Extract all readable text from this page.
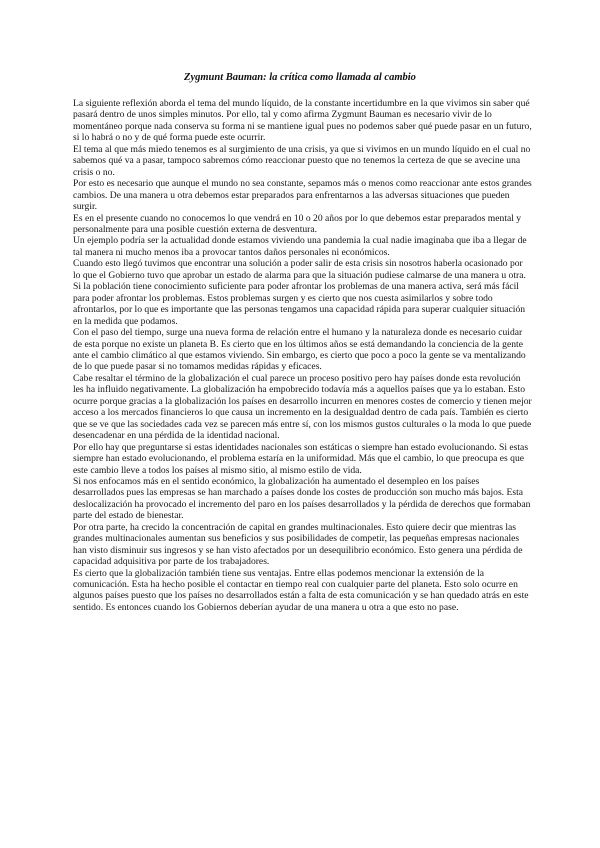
Zygmunt Bauman: la crítica como llamada al cambio

La siguiente reflexión aborda el tema del mundo líquido, de la constante incertidumbre en la que vivimos sin saber qué pasará dentro de unos simples minutos. Por ello, tal y como afirma Zygmunt Bauman es necesario vivir de lo momentáneo porque nada conserva su forma ni se mantiene igual pues no podemos saber qué puede pasar en un futuro, si lo habrá o no y de qué forma puede este ocurrir.

El tema al que más miedo tenemos es al surgimiento de una crisis, ya que si vivimos en un mundo líquido en el cual no sabemos qué va a pasar, tampoco sabremos cómo reaccionar puesto que no tenemos la certeza de que se avecine una crisis o no.

Por esto es necesario que aunque el mundo no sea constante, sepamos más o menos como reaccionar ante estos grandes cambios. De una manera u otra debemos estar preparados para enfrentarnos a las adversas situaciones que pueden surgir.

Es en el presente cuando no conocemos lo que vendrá en 10 o 20 años por lo que debemos estar preparados mental y personalmente para una posible cuestión externa de desventura.

Un ejemplo podría ser la actualidad donde estamos viviendo una pandemia la cual nadie imaginaba que iba a llegar de tal manera ni mucho menos iba a provocar tantos daños personales ni económicos.

Cuando esto llegó tuvimos que encontrar una solución a poder salir de esta crisis sin nosotros haberla ocasionado por lo que el Gobierno tuvo que aprobar un estado de alarma para que la situación pudiese calmarse de una manera u otra.

Si la población tiene conocimiento suficiente para poder afrontar los problemas de una manera activa, será más fácil para poder afrontar los problemas. Estos problemas surgen y es cierto que nos cuesta asimilarlos y sobre todo afrontarlos, por lo que es importante que las personas tengamos una capacidad rápida para superar cualquier situación en la medida que podamos.

Con el paso del tiempo, surge una nueva forma de relación entre el humano y la naturaleza donde es necesario cuidar de esta porque no existe un planeta B. Es cierto que en los últimos años se está demandando la conciencia de la gente ante el cambio climático al que estamos viviendo. Sin embargo, es cierto que poco a poco la gente se va mentalizando de lo que puede pasar si no tomamos medidas rápidas y eficaces.

Cabe resaltar el término de la globalización el cual parece un proceso positivo pero hay países donde esta revolución les ha influido negativamente. La globalización ha empobrecido todavía más a aquellos países que ya lo estaban. Esto ocurre porque gracias a la globalización los países en desarrollo incurren en menores costes de comercio y tienen mejor acceso a los mercados financieros lo que causa un incremento en la desigualdad dentro de cada país. También es cierto que se ve que las sociedades cada vez se parecen más entre sí, con los mismos gustos culturales o la moda lo que puede desencadenar en una pérdida de la identidad nacional.

Por ello hay que preguntarse si estas identidades nacionales son estáticas o siempre han estado evolucionando. Si estas siempre han estado evolucionando, el problema estaría en la uniformidad. Más que el cambio, lo que preocupa es que este cambio lleve a todos los países al mismo sitio, al mismo estilo de vida.

Si nos enfocamos más en el sentido económico, la globalización ha aumentado el desempleo en los países desarrollados pues las empresas se han marchado a países donde los costes de producción son mucho más bajos. Esta deslocalización ha provocado el incremento del paro en los países desarrollados y la pérdida de derechos que formaban parte del estado de bienestar.

Por otra parte, ha crecido la concentración de capital en grandes multinacionales. Esto quiere decir que mientras las grandes multinacionales aumentan sus beneficios y sus posibilidades de competir, las pequeñas empresas nacionales han visto disminuir sus ingresos y se han visto afectados por un desequilibrio económico. Esto genera una pérdida de capacidad adquisitiva por parte de los trabajadores.

Es cierto que la globalización también tiene sus ventajas. Entre ellas podemos mencionar la extensión de la comunicación. Esta ha hecho posible el contactar en tiempo real con cualquier parte del planeta. Esto solo ocurre en algunos países puesto que los países no desarrollados están a falta de esta comunicación y se han quedado atrás en este sentido. Es entonces cuando los Gobiernos deberían ayudar de una manera u otra a que esto no pase.
